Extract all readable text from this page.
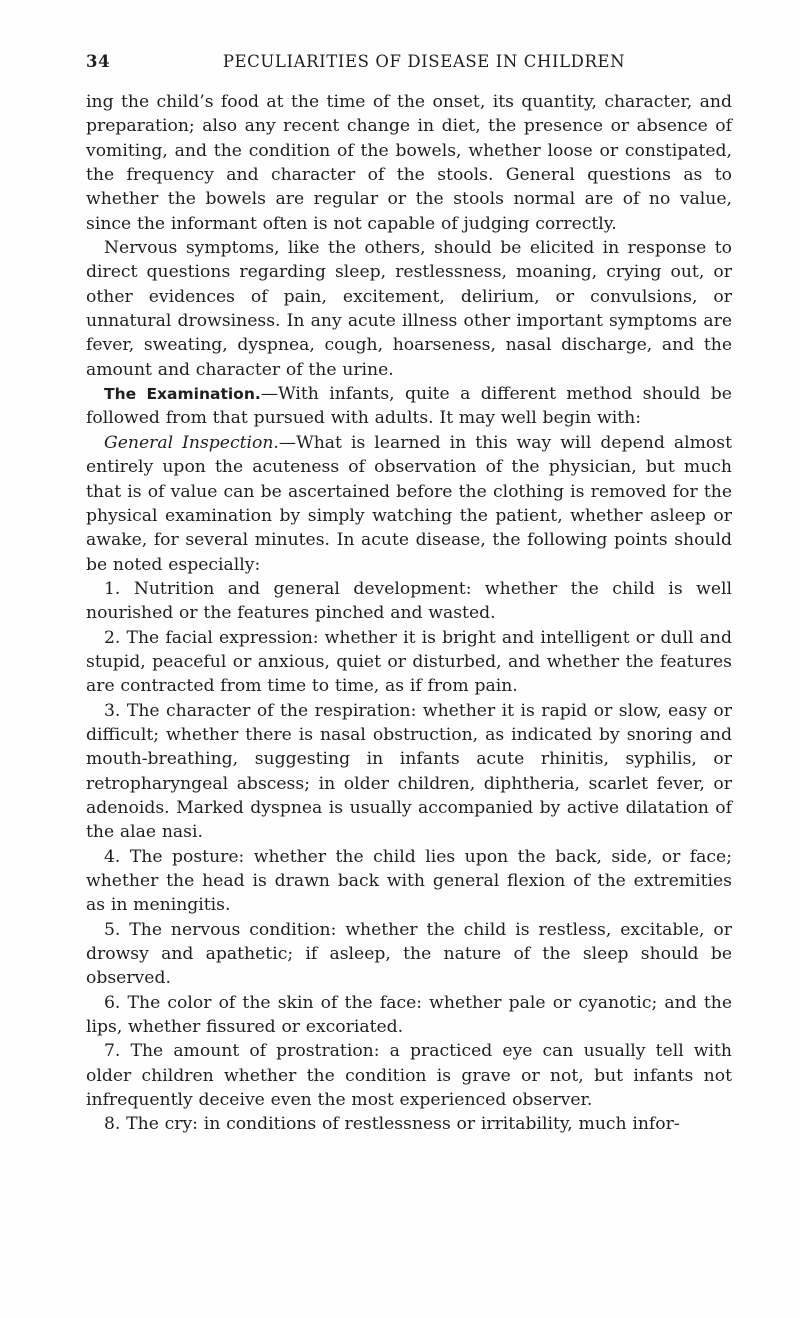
34	PECULIARITIES OF DISEASE IN CHILDREN

ing the child’s food at the time of the onset, its quantity, character, and preparation; also any recent change in diet, the presence or absence of vomiting, and the condition of the bowels, whether loose or constipated, the frequency and character of the stools. General questions as to whether the bowels are regular or the stools normal are of no value, since the informant often is not capable of judging correctly.

Nervous symptoms, like the others, should be elicited in response to direct questions regarding sleep, restlessness, moaning, crying out, or other evidences of pain, excitement, delirium, or convulsions, or unnatural drowsiness. In any acute illness other important symptoms are fever, sweating, dyspnea, cough, hoarseness, nasal discharge, and the amount and character of the urine.

The Examination.—With infants, quite a different method should be followed from that pursued with adults. It may well begin with:

General Inspection.—What is learned in this way will depend almost entirely upon the acuteness of observation of the physician, but much that is of value can be ascertained before the clothing is removed for the physical examination by simply watching the patient, whether asleep or awake, for several minutes. In acute disease, the following points should be noted especially:

1. Nutrition and general development: whether the child is well nourished or the features pinched and wasted.

2. The facial expression: whether it is bright and intelligent or dull and stupid, peaceful or anxious, quiet or disturbed, and whether the features are contracted from time to time, as if from pain.

3. The character of the respiration: whether it is rapid or slow, easy or difficult; whether there is nasal obstruction, as indicated by snoring and mouth-breathing, suggesting in infants acute rhinitis, syphilis, or retropharyngeal abscess; in older children, diphtheria, scarlet fever, or adenoids. Marked dyspnea is usually accompanied by active dilatation of the alae nasi.

4. The posture: whether the child lies upon the back, side, or face; whether the head is drawn back with general flexion of the extremities as in meningitis.

5. The nervous condition: whether the child is restless, excitable, or drowsy and apathetic; if asleep, the nature of the sleep should be observed.

6. The color of the skin of the face: whether pale or cyanotic; and the lips, whether fissured or excoriated.

7. The amount of prostration: a practiced eye can usually tell with older children whether the condition is grave or not, but infants not infrequently deceive even the most experienced observer.

8. The cry: in conditions of restlessness or irritability, much infor-
